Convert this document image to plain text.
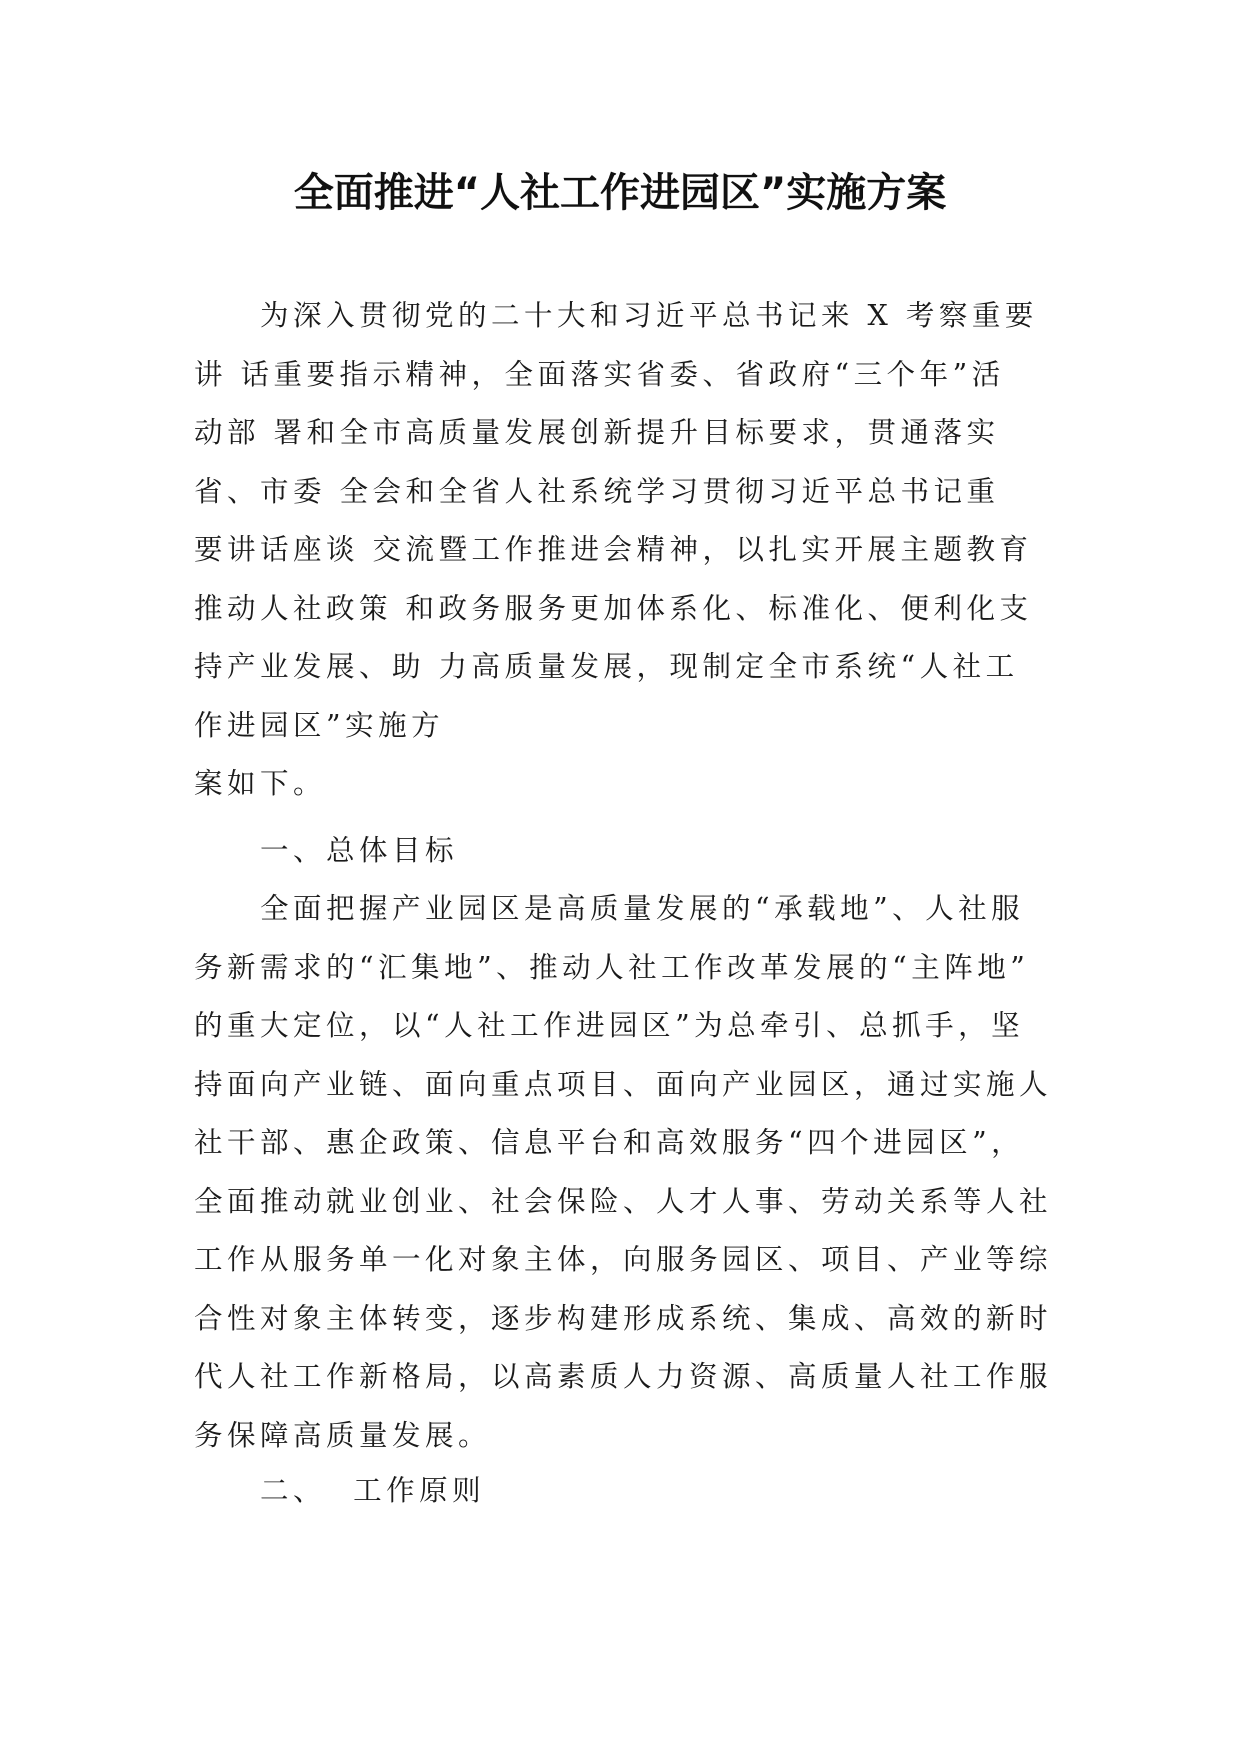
全面推进“人社工作进园区”实施方案
为深入贯彻党的二十大和习近平总书记来 X 考察重要
讲 话重要指示精神，全面落实省委、省政府“三个年”活
动部 署和全市高质量发展创新提升目标要求，贯通落实
省、市委 全会和全省人社系统学习贯彻习近平总书记重
要讲话座谈 交流暨工作推进会精神，以扎实开展主题教育
推动人社政策 和政务服务更加体系化、标准化、便利化支
持产业发展、助 力高质量发展，现制定全市系统“人社工
作进园区”实施方
案如下。
一、总体目标
全面把握产业园区是高质量发展的“承载地”、人社服
务新需求的“汇集地”、推动人社工作改革发展的“主阵地”
的重大定位，以“人社工作进园区”为总牵引、总抓手，坚
持面向产业链、面向重点项目、面向产业园区，通过实施人
社干部、惠企政策、信息平台和高效服务“四个进园区”，
全面推动就业创业、社会保险、人才人事、劳动关系等人社
工作从服务单一化对象主体，向服务园区、项目、产业等综
合性对象主体转变，逐步构建形成系统、集成、高效的新时
代人社工作新格局，以高素质人力资源、高质量人社工作服
务保障高质量发展。
二、  工作原则
